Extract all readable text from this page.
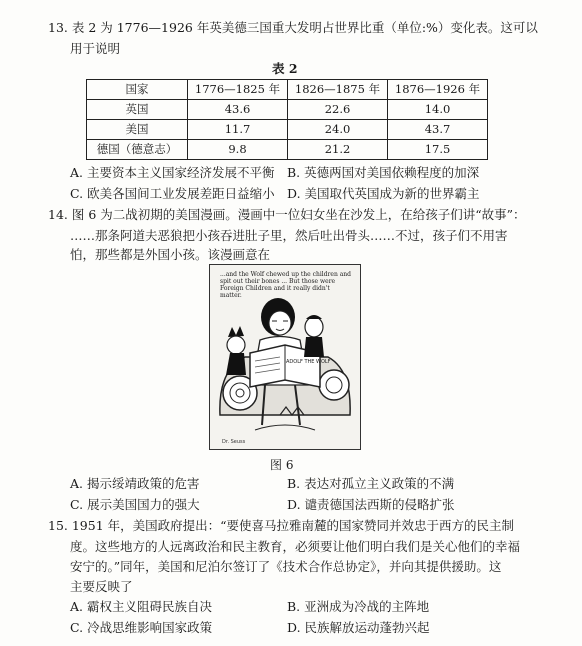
13. 表 2 为 1776—1926 年英美德三国重大发明占世界比重（单位:%）变化表。这可以
用于说明
表 2
国家	1776—1825 年	1826—1875 年	1876—1926 年
英国	43.6	22.6	14.0
美国	11.7	24.0	43.7
德国（德意志）	9.8	21.2	17.5
A. 主要资本主义国家经济发展不平衡 B. 英德两国对美国依赖程度的加深
C. 欧美各国间工业发展差距日益缩小 D. 美国取代英国成为新的世界霸主
14. 图 6 为二战初期的美国漫画。漫画中一位妇女坐在沙发上，在给孩子们讲“故事”：
……那条阿道夫恶狼把小孩吞进肚子里，然后吐出骨头……不过，孩子们不用害
怕，那些都是外国小孩。该漫画意在
...and the Wolf chewed up the children and spit out their bones ... But those were Foreign Children and it really didn't matter.
ADOLF THE WOLF
Dr. Seuss
图 6
A. 揭示绥靖政策的危害	B. 表达对孤立主义政策的不满
C. 展示美国国力的强大	D. 谴责德国法西斯的侵略扩张
15. 1951 年，美国政府提出：“要使喜马拉雅南麓的国家赞同并效忠于西方的民主制
度。这些地方的人远离政治和民主教育，必须要让他们明白我们是关心他们的幸福
安宁的。”同年，美国和尼泊尔签订了《技术合作总协定》，并向其提供援助。这
主要反映了
A. 霸权主义阻碍民族自决	B. 亚洲成为冷战的主阵地
C. 冷战思维影响国家政策	D. 民族解放运动蓬勃兴起
